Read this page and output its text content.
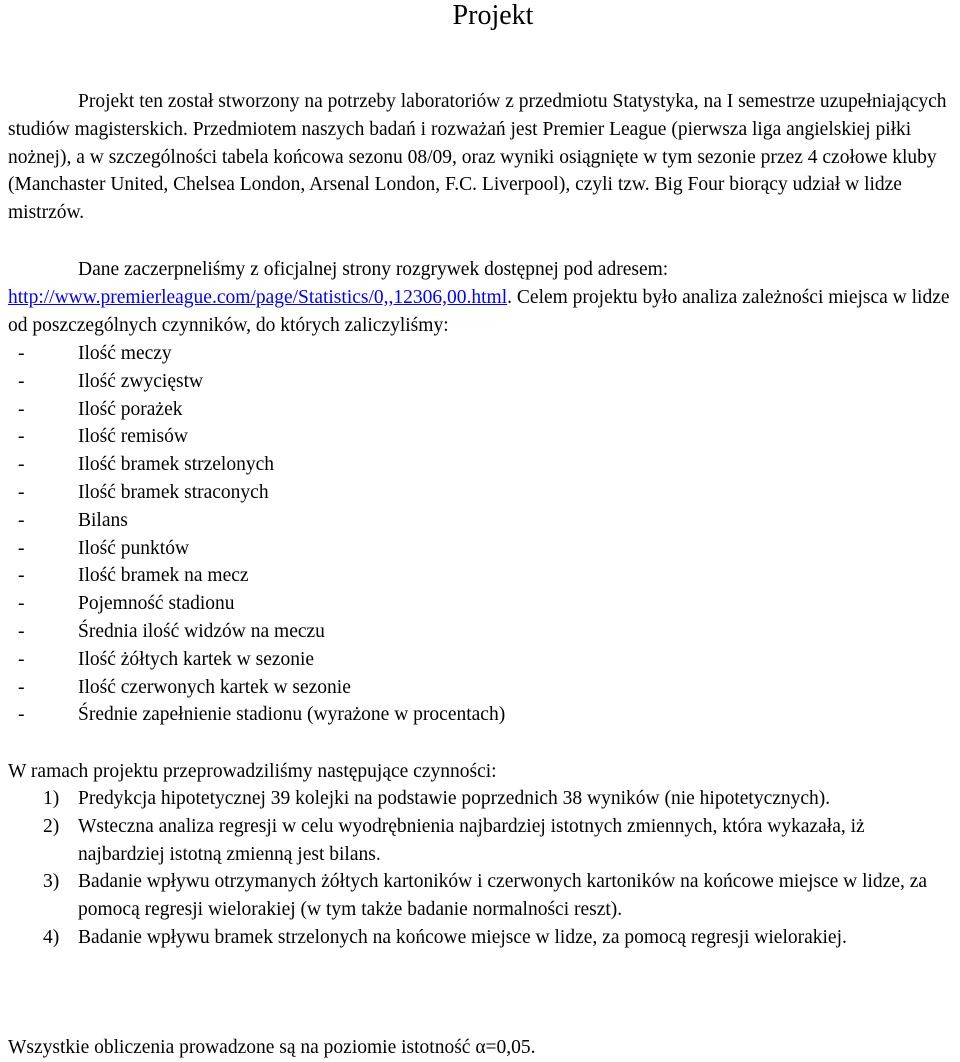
Projekt

Projekt ten został stworzony na potrzeby laboratoriów z przedmiotu Statystyka, na I semestrze uzupełniających studiów magisterskich. Przedmiotem naszych badań i rozważań jest Premier League (pierwsza liga angielskiej piłki nożnej), a w szczególności tabela końcowa sezonu 08/09, oraz wyniki osiągnięte w tym sezonie przez 4 czołowe kluby (Manchaster United, Chelsea London, Arsenal London, F.C. Liverpool), czyli tzw. Big Four biorący udział w lidze mistrzów.

Dane zaczerpneliśmy z oficjalnej strony rozgrywek dostępnej pod adresem: http://www.premierleague.com/page/Statistics/0,,12306,00.html. Celem projektu było analiza zależności miejsca w lidze od poszczególnych czynników, do których zaliczyliśmy:

-	Ilość meczy
-	Ilość zwycięstw
-	Ilość porażek
-	Ilość remisów
-	Ilość bramek strzelonych
-	Ilość bramek straconych
-	Bilans
-	Ilość punktów
-	Ilość bramek na mecz
-	Pojemność stadionu
-	Średnia ilość widzów na meczu
-	Ilość żółtych kartek w sezonie
-	Ilość czerwonych kartek w sezonie
-	Średnie zapełnienie stadionu (wyrażone w procentach)

W ramach projektu przeprowadziliśmy następujące czynności:

1) Predykcja hipotetycznej 39 kolejki na podstawie poprzednich 38 wyników (nie hipotetycznych).
2) Wsteczna analiza regresji w celu wyodrębnienia najbardziej istotnych zmiennych, która wykazała, iż najbardziej istotną zmienną jest bilans.
3) Badanie wpływu otrzymanych żółtych kartoników i czerwonych kartoników na końcowe miejsce w lidze, za pomocą regresji wielorakiej (w tym także badanie normalności reszt).
4) Badanie wpływu bramek strzelonych na końcowe miejsce w lidze, za pomocą regresji wielorakiej.

Wszystkie obliczenia prowadzone są na poziomie istotność α=0,05.
